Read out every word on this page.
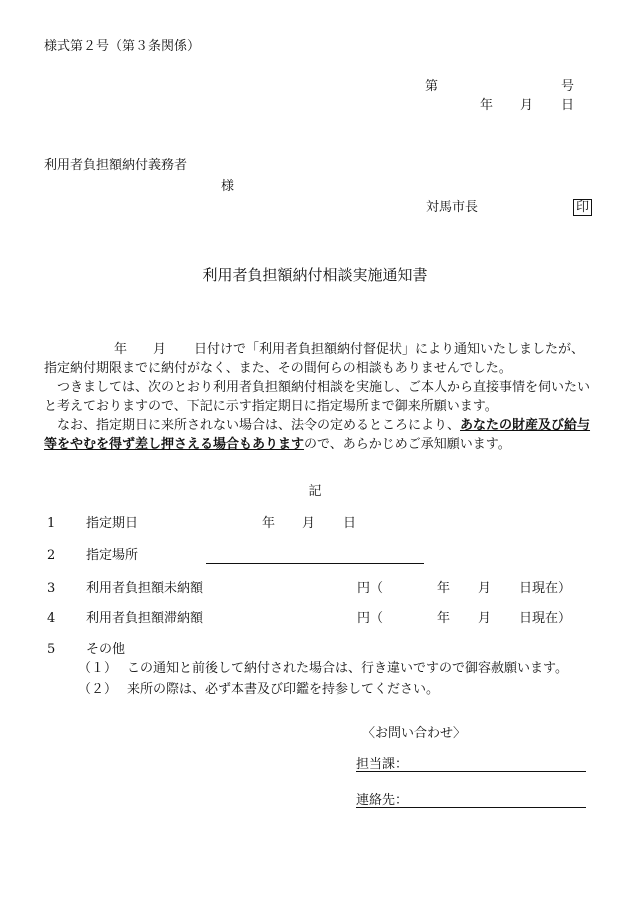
様式第２号（第３条関係）
第	号
年 月 日
利用者負担額納付義務者
様
対馬市長	印
利用者負担額納付相談実施通知書

年 月 日付けで「利用者負担額納付督促状」により通知いたしましたが、

指定納付期限までに納付がなく、また、その間何らの相談もありませんでした。

つきましては、次のとおり利用者負担額納付相談を実施し、ご本人から直接事情を伺いたいと考えておりますので、下記に示す指定期日に指定場所まで御来所願います。

なお、指定期日に来所されない場合は、法令の定めるところにより、あなたの財産及び給与等をやむを得ず差し押さえる場合もありますので、あらかじめご承知願います。

記
1 指定期日	年 月 日
2 指定場所
3 利用者負担額未納額	円（	年 月 日現在）
4 利用者負担額滞納額	円（	年 月 日現在）
5 その他
（１） この通知と前後して納付された場合は、行き違いですので御容赦願います。
（２） 来所の際は、必ず本書及び印鑑を持参してください。
〈お問い合わせ〉
担当課：
連絡先：
